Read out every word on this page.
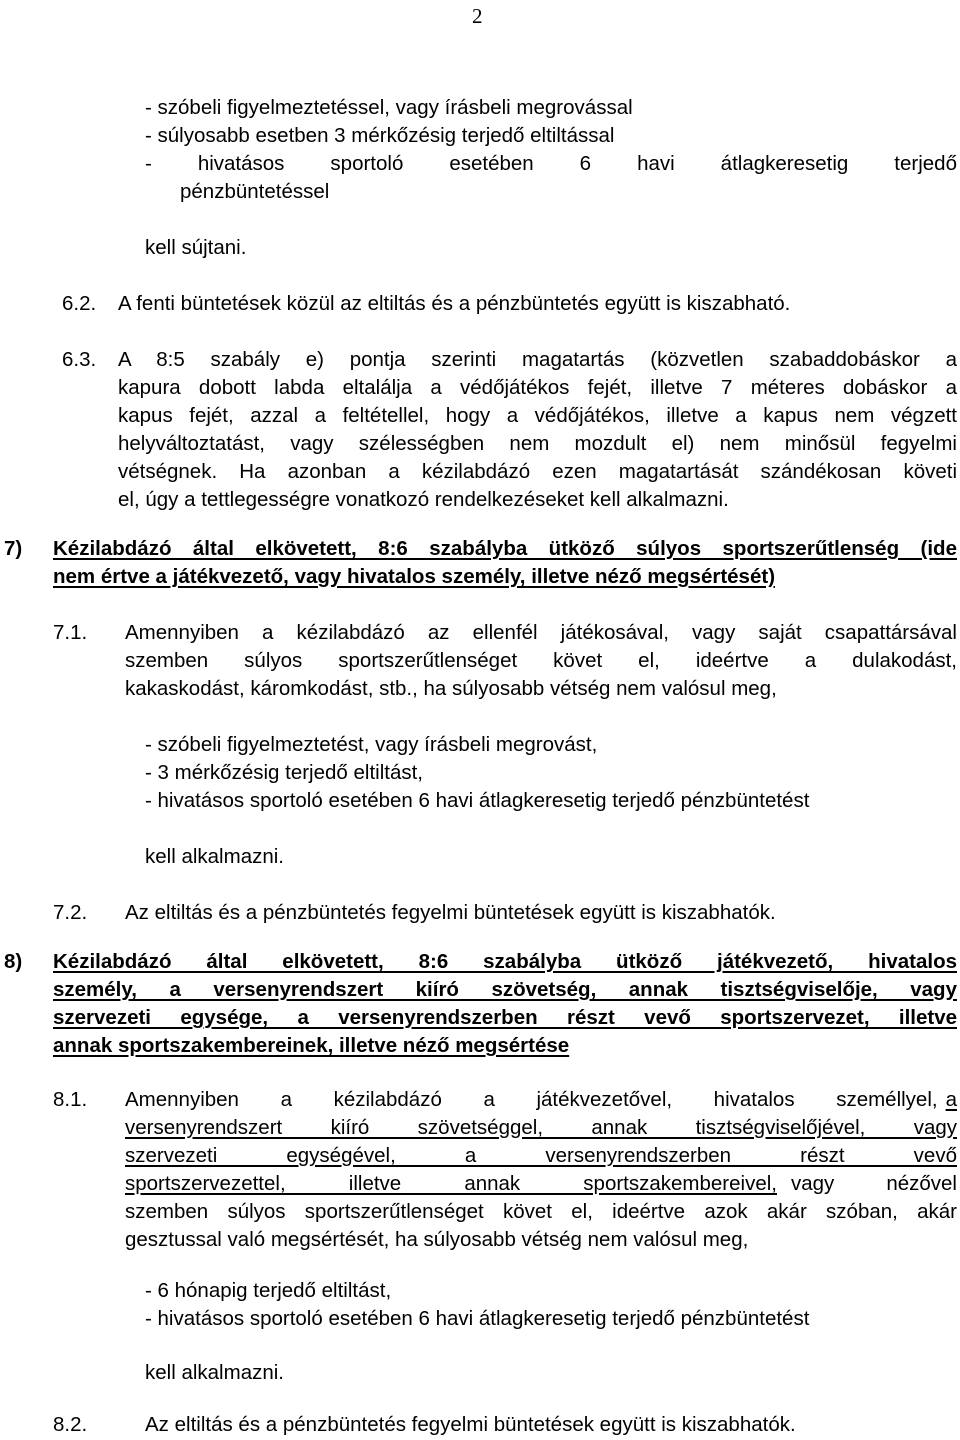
2
- szóbeli figyelmeztetéssel, vagy írásbeli megrovással
- súlyosabb esetben 3 mérkőzésig terjedő eltiltással
- hivatásos sportoló esetében 6 havi átlagkeresetig terjedő
pénzbüntetéssel
kell sújtani.
6.2. A fenti büntetések közül az eltiltás és a pénzbüntetés együtt is kiszabható.
6.3. A 8:5 szabály e) pontja szerinti magatartás (közvetlen szabaddobáskor a
kapura dobott labda eltalálja a védőjátékos fejét, illetve 7 méteres dobáskor a
kapus fejét, azzal a feltétellel, hogy a védőjátékos, illetve a kapus nem végzett
helyváltoztatást, vagy szélességben nem mozdult el) nem minősül fegyelmi
vétségnek. Ha azonban a kézilabdázó ezen magatartását szándékosan követi
el, úgy a tettlegességre vonatkozó rendelkezéseket kell alkalmazni.
7) Kézilabdázó által elkövetett, 8:6 szabályba ütköző súlyos sportszerűtlenség (ide
nem értve a játékvezető, vagy hivatalos személy, illetve néző megsértését)
7.1. Amennyiben a kézilabdázó az ellenfél játékosával, vagy saját csapattársával
szemben súlyos sportszerűtlenséget követ el, ideértve a dulakodást,
kakaskodást, káromkodást, stb., ha súlyosabb vétség nem valósul meg,
- szóbeli figyelmeztetést, vagy írásbeli megrovást,
- 3 mérkőzésig terjedő eltiltást,
- hivatásos sportoló esetében 6 havi átlagkeresetig terjedő pénzbüntetést
kell alkalmazni.
7.2. Az eltiltás és a pénzbüntetés fegyelmi büntetések együtt is kiszabhatók.
8) Kézilabdázó által elkövetett, 8:6 szabályba ütköző játékvezető, hivatalos
személy, a versenyrendszert kiíró szövetség, annak tisztségviselője, vagy
szervezeti egysége, a versenyrendszerben részt vevő sportszervezet, illetve
annak sportszakembereinek, illetve néző megsértése
8.1. Amennyiben a kézilabdázó a játékvezetővel, hivatalos személlyel, a
versenyrendszert kiíró szövetséggel, annak tisztségviselőjével, vagy
szervezeti egységével, a versenyrendszerben részt vevő
sportszervezettel, illetve annak sportszakembereivel, vagy nézővel
szemben súlyos sportszerűtlenséget követ el, ideértve azok akár szóban, akár
gesztussal való megsértését, ha súlyosabb vétség nem valósul meg,
- 6 hónapig terjedő eltiltást,
- hivatásos sportoló esetében 6 havi átlagkeresetig terjedő pénzbüntetést
kell alkalmazni.
8.2.	Az eltiltás és a pénzbüntetés fegyelmi büntetések együtt is kiszabhatók.
